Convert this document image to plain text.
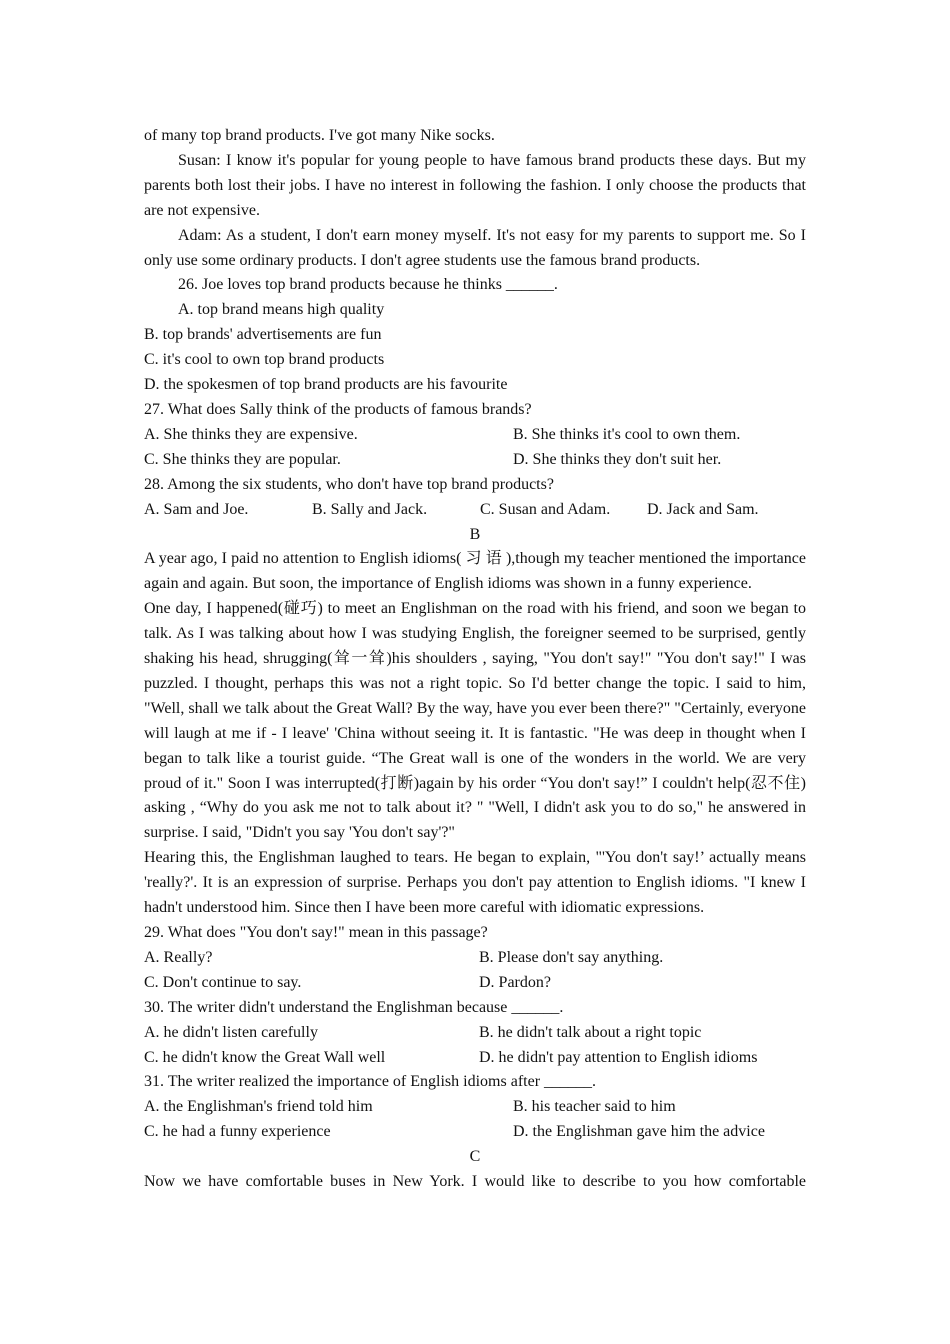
of many top brand products. I've got many Nike socks.

Susan: I know it's popular for young people to have famous brand products these days. But my parents both lost their jobs. I have no interest in following the fashion. I only choose the products that are not expensive.

Adam: As a student, I don't earn money myself. It's not easy for my parents to support me. So I only use some ordinary products. I don't agree students use the famous brand products.

26. Joe loves top brand products because he thinks ______.

A. top brand means high quality

B. top brands' advertisements are fun

C. it's cool to own top brand products

D. the spokesmen of top brand products are his favourite

27. What does Sally think of the products of famous brands?

A. She thinks they are expensive.	B. She thinks it's cool to own them.
C. She thinks they are popular.	D. She thinks they don't suit her.

28. Among the six students, who don't have top brand products?

A. Sam and Joe.	B. Sally and Jack.	C. Susan and Adam.	D. Jack and Sam.

B

A year ago, I paid no attention to English idioms( 习 语 ),though my teacher mentioned the importance again and again. But soon, the importance of English idioms was shown in a funny experience.

One day, I happened(碰巧) to meet an Englishman on the road with his friend, and soon we began to talk. As I was talking about how I was studying English, the foreigner seemed to be surprised, gently shaking his head, shrugging(耸一耸)his shoulders , saying, "You don't say!" "You don't say!" I was puzzled. I thought, perhaps this was not a right topic. So I'd better change the topic. I said to him, "Well, shall we talk about the Great Wall? By the way, have you ever been there?" "Certainly, everyone will laugh at me if - I leave' 'China without seeing it. It is fantastic. "He was deep in thought when I began to talk like a tourist guide. “The Great wall is one of the wonders in the world. We are very proud of it." Soon I was interrupted(打断)again by his order “You don't say!” I couldn't help(忍不住) asking , “Why do you ask me not to talk about it? " "Well, I didn't ask you to do so," he answered in surprise. I said, "Didn't you say 'You don't say'?"

Hearing this, the Englishman laughed to tears. He began to explain, "'You don't say!’ actually means 'really?'. It is an expression of surprise. Perhaps you don't pay attention to English idioms. "I knew I hadn't understood him. Since then I have been more careful with idiomatic expressions.

29. What does "You don't say!" mean in this passage?

A. Really?	B. Please don't say anything.
C. Don't continue to say.	D. Pardon?

30. The writer didn't understand the Englishman because ______.

A. he didn't listen carefully	B. he didn't talk about a right topic
C. he didn't know the Great Wall well	D. he didn't pay attention to English idioms

31. The writer realized the importance of English idioms after ______.

A. the Englishman's friend told him	B. his teacher said to him
C. he had a funny experience	D. the Englishman gave him the advice

C

Now we have comfortable buses in New York. I would like to describe to you how comfortable
